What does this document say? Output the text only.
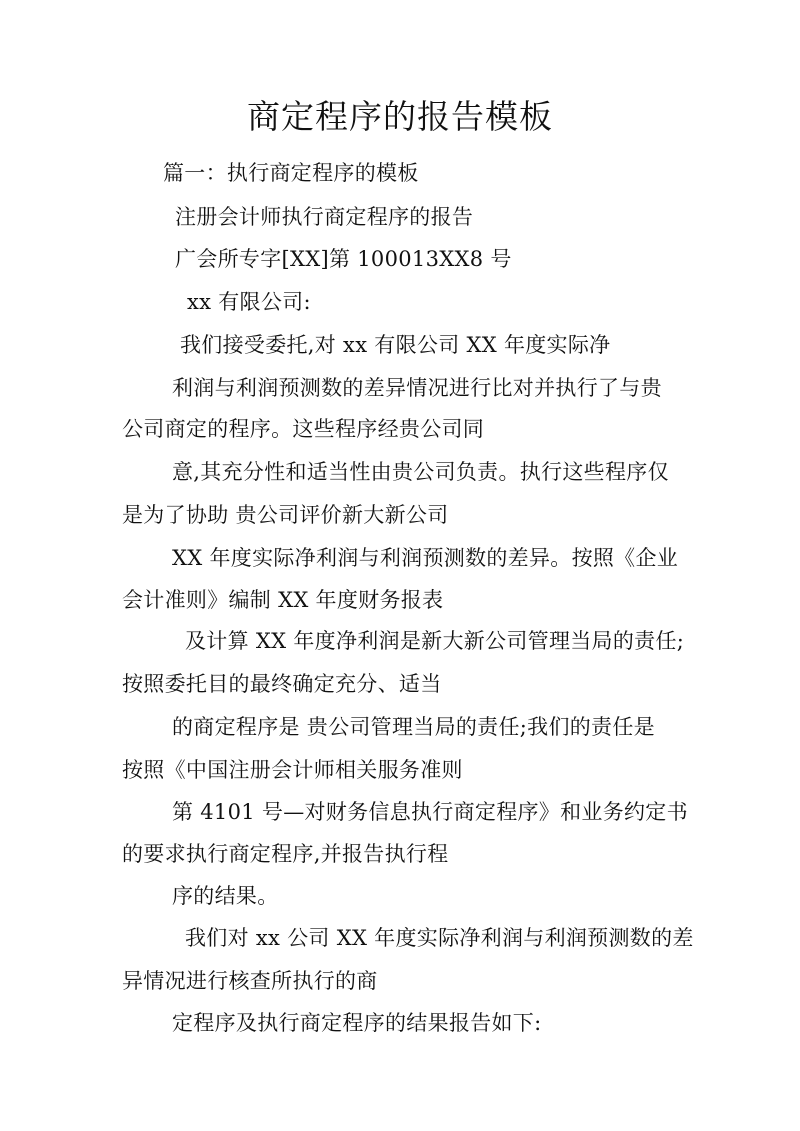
商定程序的报告模板
篇一：执行商定程序的模板
注册会计师执行商定程序的报告
广会所专字[XX]第 100013XX8 号
xx 有限公司:
我们接受委托,对 xx 有限公司 XX 年度实际净
利润与利润预测数的差异情况进行比对并执行了与贵
公司商定的程序。这些程序经贵公司同
意,其充分性和适当性由贵公司负责。执行这些程序仅
是为了协助 贵公司评价新大新公司
XX 年度实际净利润与利润预测数的差异。按照《企业
会计准则》编制 XX 年度财务报表
及计算 XX 年度净利润是新大新公司管理当局的责任;
按照委托目的最终确定充分、适当
的商定程序是 贵公司管理当局的责任;我们的责任是
按照《中国注册会计师相关服务准则
第 4101 号—对财务信息执行商定程序》和业务约定书
的要求执行商定程序,并报告执行程
序的结果。
我们对 xx 公司 XX 年度实际净利润与利润预测数的差
异情况进行核查所执行的商
定程序及执行商定程序的结果报告如下:
